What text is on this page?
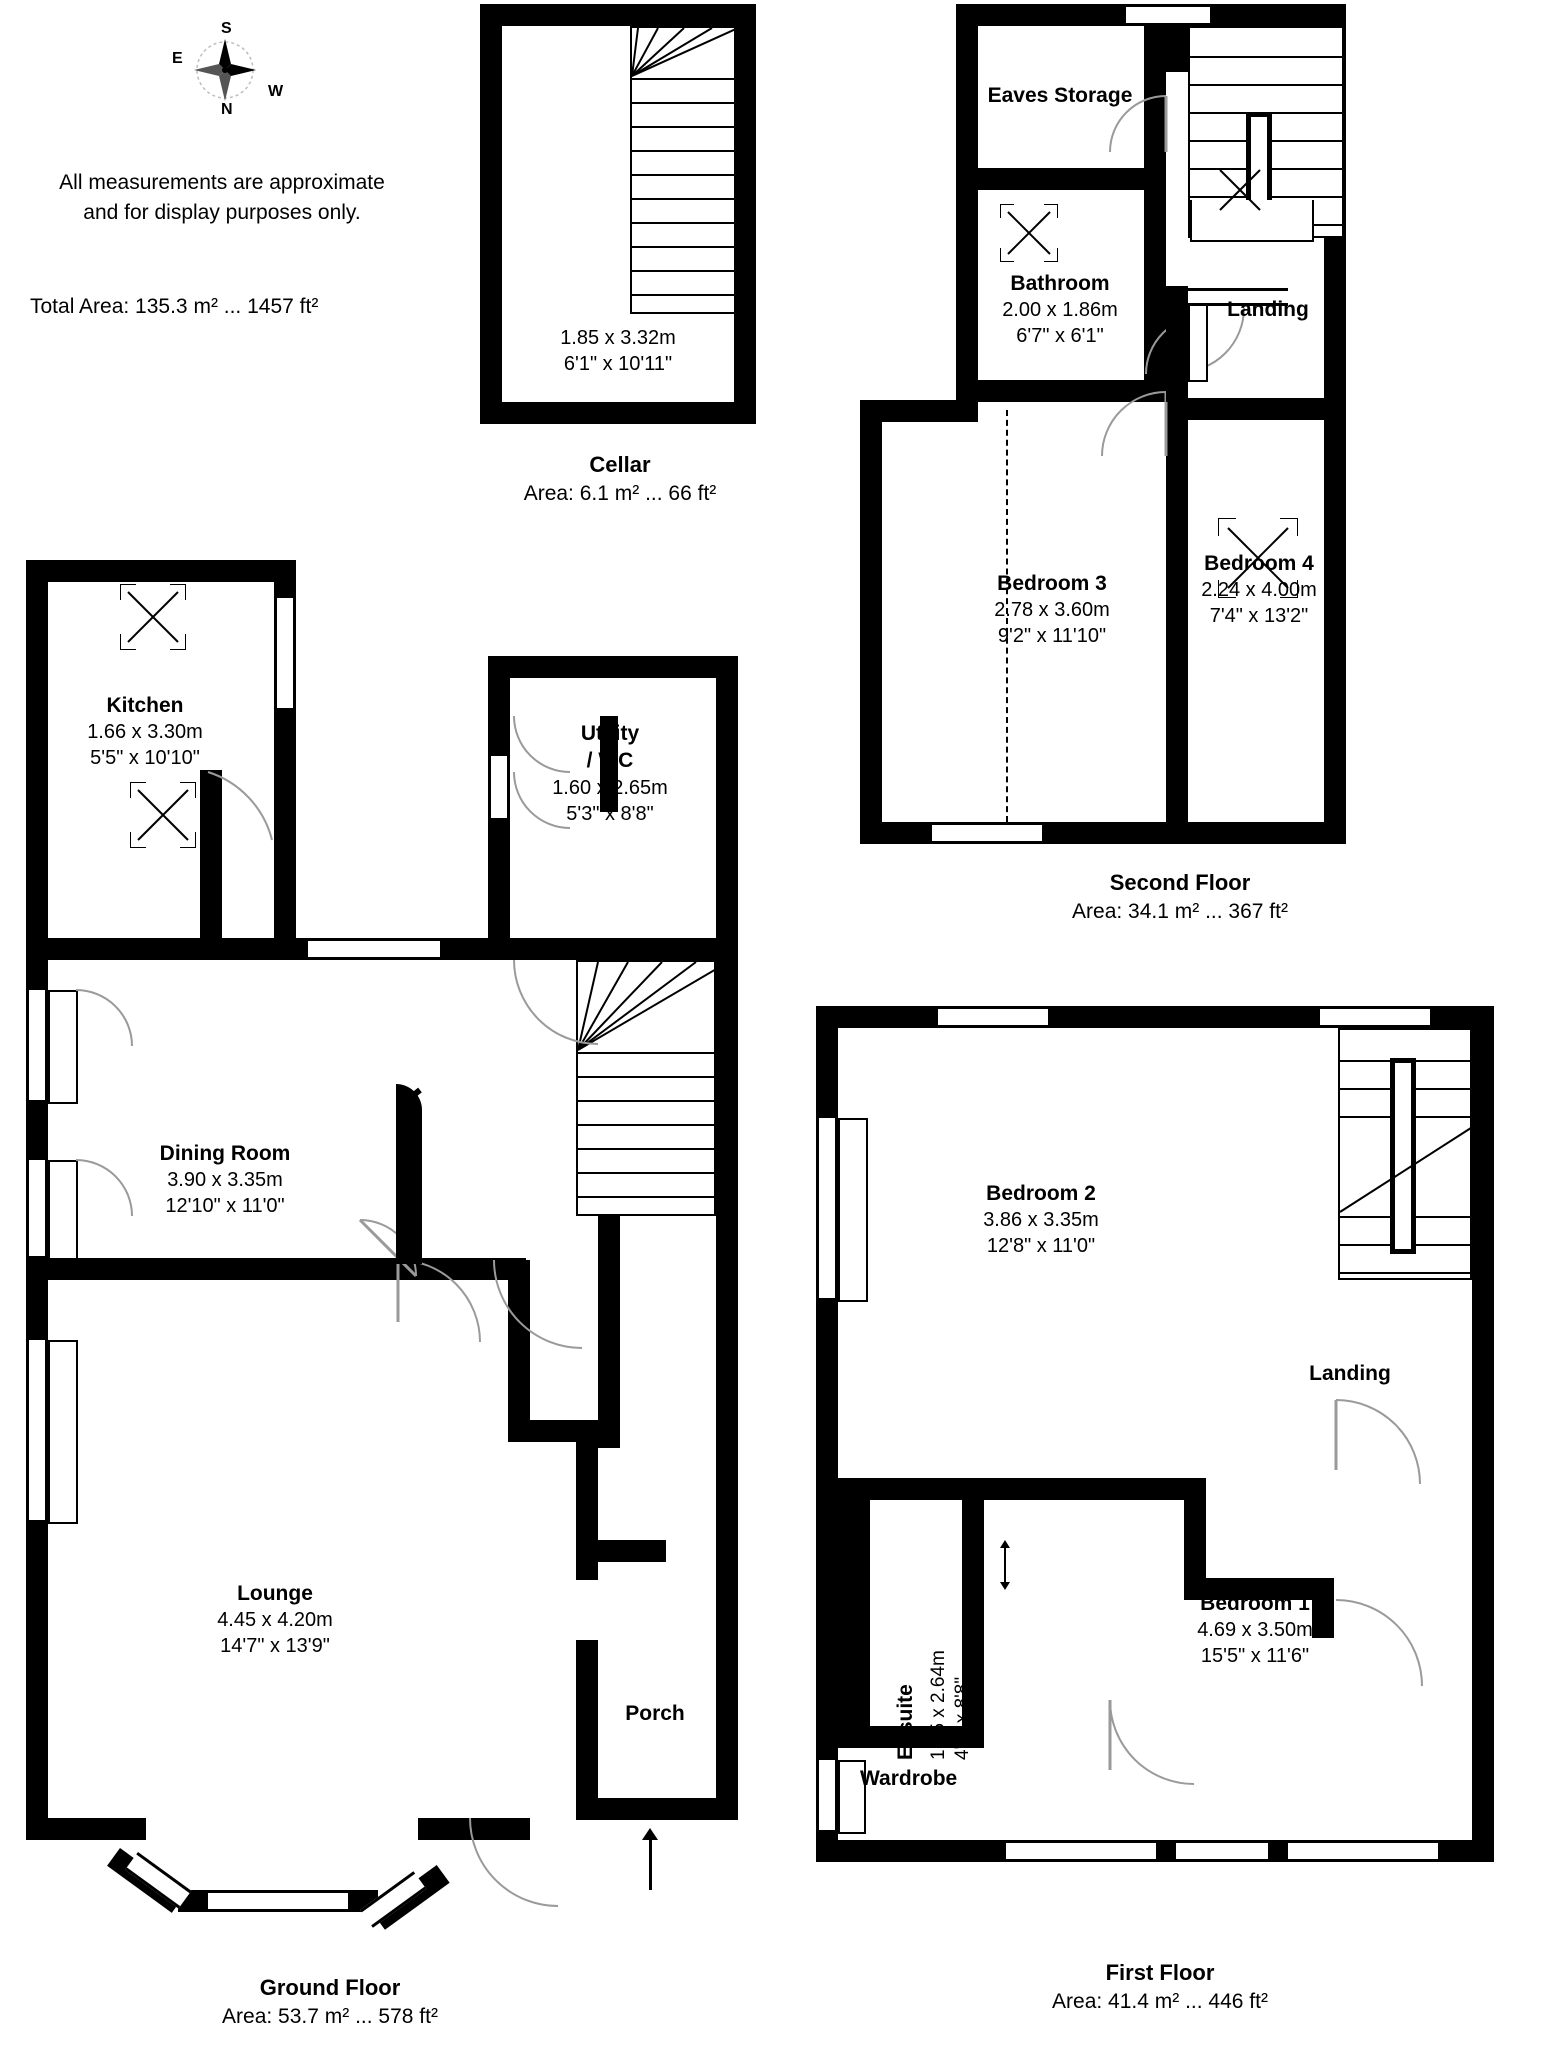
S
N
E
W
All measurements are approximate
and for display purposes only.
Total Area: 135.3 m² ... 1457 ft²
1.85 x 3.32m
6'1" x 10'11"
Cellar
Area: 6.1 m² ... 66 ft²
Eaves Storage
Bathroom
2.00 x 1.86m
6'7" x 6'1"
Landing
Bedroom 3
2.78 x 3.60m
9'2" x 11'10"
Bedroom 4
2.24 x 4.00m
7'4" x 13'2"
Second Floor
Area: 34.1 m² ... 367 ft²
Kitchen
1.66 x 3.30m
5'5" x 10'10"
Utility
/ WC
1.60 x 2.65m
5'3" x 8'8"
Dining Room
3.90 x 3.35m
12'10" x 11'0"
Lounge
4.45 x 4.20m
14'7" x 13'9"
Porch
Ground Floor
Area: 53.7 m² ... 578 ft²
Ensuite 1.35 x 2.64m 4'5" x 8'8"
Bedroom 2
3.86 x 3.35m
12'8" x 11'0"
Landing
Bedroom 1
4.69 x 3.50m
15'5" x 11'6"
Wardrobe
First Floor
Area: 41.4 m² ... 446 ft²
